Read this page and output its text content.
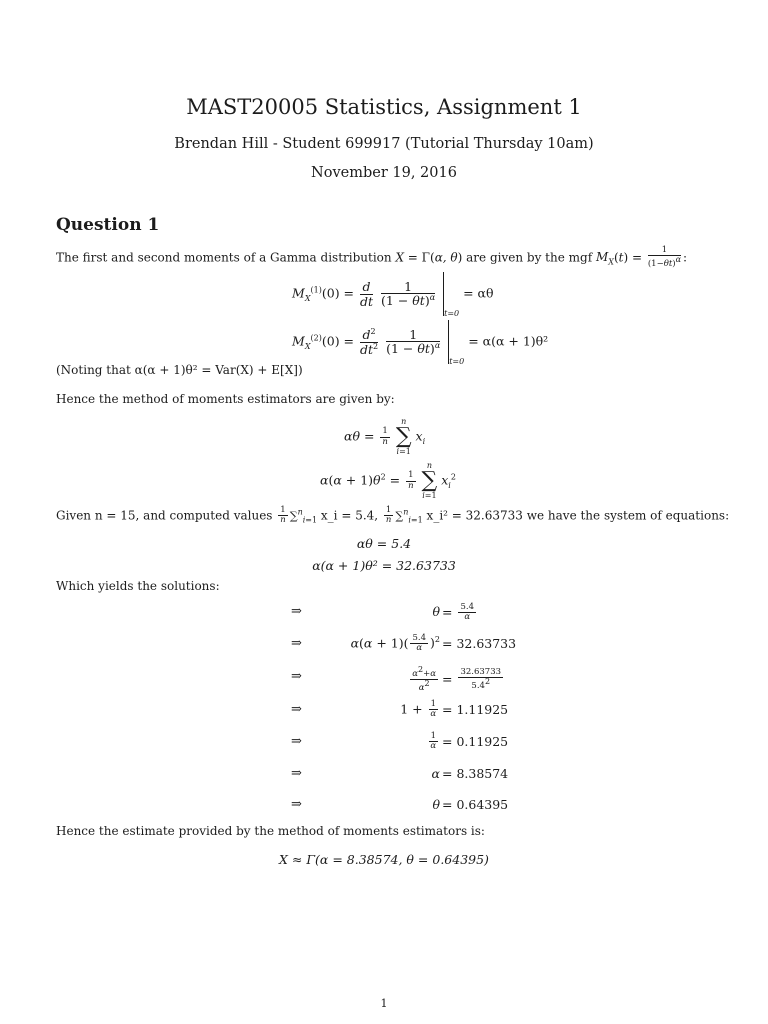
MAST20005 Statistics, Assignment 1
Brendan Hill - Student 699917 (Tutorial Thursday 10am)
November 19, 2016
Question 1
The first and second moments of a Gamma distribution X = Γ(α, θ) are given by the mgf $M_X(t) = \frac{1}{(1-\theta t)^\alpha}$ :
$M_X^{(1)}(0) = \frac{d}{dt}$
$\frac{1}{(1 - \theta t)^\alpha}$
$_{t=0}$ = αθ
$M_X^{(2)}(0) = \frac{d^2}{dt^2}$
$\frac{1}{(1 - \theta t)^\alpha}$
$_{t=0}$ = α(α + 1)θ²
(Noting that α(α + 1)θ² = Var(X) + E[X])
Hence the method of moments estimators are given by:
$\alpha\theta = \frac{1}{n}$
n
∑
i=1 $x_i$
$\alpha(\alpha + 1)\theta^2 = \frac{1}{n}$
n
∑
i=1 $x_i^2$
Given n = 15, and computed values $\frac{1}{n} \sum^n_{i=1}$ x_i = 5.4, $\frac{1}{n} \sum^n_{i=1}$ x_i² = 32.63733 we have the system of equations:
αθ = 5.4
α(α + 1)θ² = 32.63733
Which yields the solutions:
⇒	$\theta = \frac{5.4}{\alpha}$
⇒	$\alpha(\alpha + 1)( \frac{5.4}{\alpha} )^2 = 32.63733$
⇒	$\frac{\alpha^2+\alpha}{\alpha^2} = \frac{32.63733}{5.4^2}$
⇒	$1 + \frac{1}{\alpha} = 1.11925$
⇒	$\frac{1}{\alpha} = 0.11925$
⇒	α = 8.38574
⇒	θ = 0.64395
Hence the estimate provided by the method of moments estimators is:
X ≈ Γ(α = 8.38574, θ = 0.64395)
1
